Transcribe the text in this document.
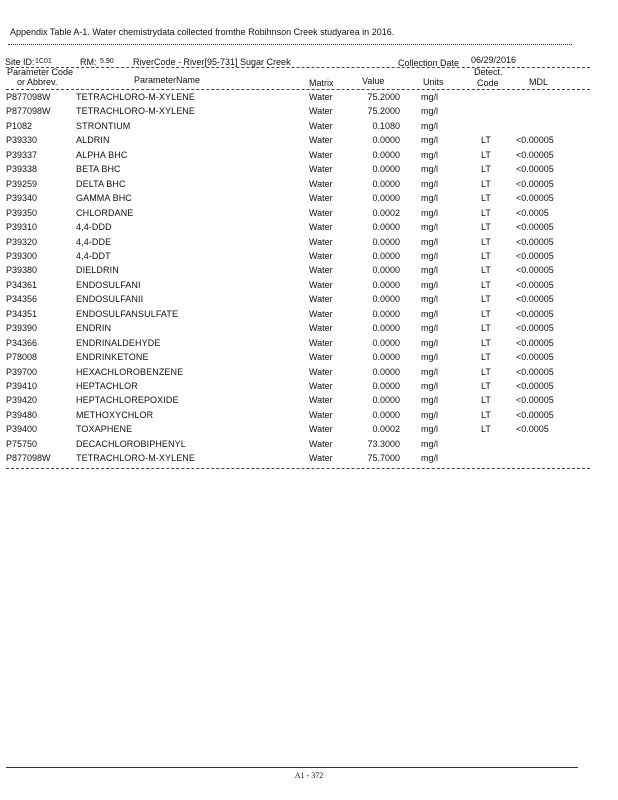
Appendix Table A-1. Water chemistrydata collected fromthe Robihnson Creek studyarea in 2016.
Site ID: 1C01	RM: 5.90 RiverCode - River[95-731] Sugar Creek	Collection Date 06/29/2016
Parameter Code
or Abbrev.	ParameterName	Matrix	Value	Units
Detect.
Code	MDL
P877098W	TETRACHLORO-M-XYLENE	Water	75.2000 mg/l
P877098W	TETRACHLORO-M-XYLENE	Water	75.2000 mg/l
P1082	STRONTIUM	Water	0.1080 mg/l
P39330	ALDRIN	Water	0.0000 mg/l	LT	<0.00005
P39337	ALPHA BHC	Water	0.0000 mg/l	LT	<0.00005
P39338	BETA BHC	Water	0.0000 mg/l	LT	<0.00005
P39259	DELTA BHC	Water	0.0000 mg/l	LT	<0.00005
P39340	GAMMA BHC	Water	0.0000 mg/l	LT	<0.00005
P39350	CHLORDANE	Water	0.0002 mg/l	LT	<0.0005
P39310	4,4-DDD	Water	0.0000 mg/l	LT	<0.00005
P39320	4,4-DDE	Water	0.0000 mg/l	LT	<0.00005
P39300	4,4-DDT	Water	0.0000 mg/l	LT	<0.00005
P39380	DIELDRIN	Water	0.0000 mg/l	LT	<0.00005
P34361	ENDOSULFANI	Water	0.0000 mg/l	LT	<0.00005
P34356	ENDOSULFANII	Water	0.0000 mg/l	LT	<0.00005
P34351	ENDOSULFANSULFATE	Water	0.0000 mg/l	LT	<0.00005
P39390	ENDRIN	Water	0.0000 mg/l	LT	<0.00005
P34366	ENDRINALDEHYDE	Water	0.0000 mg/l	LT	<0.00005
P78008	ENDRINKETONE	Water	0.0000 mg/l	LT	<0.00005
P39700	HEXACHLOROBENZENE	Water	0.0000 mg/l	LT	<0.00005
P39410	HEPTACHLOR	Water	0.0000 mg/l	LT	<0.00005
P39420	HEPTACHLOREPOXIDE	Water	0.0000 mg/l	LT	<0.00005
P39480	METHOXYCHLOR	Water	0.0000 mg/l	LT	<0.00005
P39400	TOXAPHENE	Water	0.0002 mg/l	LT	<0.0005
P75750	DECACHLOROBIPHENYL	Water	73.3000 mg/l
P877098W	TETRACHLORO-M-XYLENE	Water	75.7000 mg/l
A1 - 372
